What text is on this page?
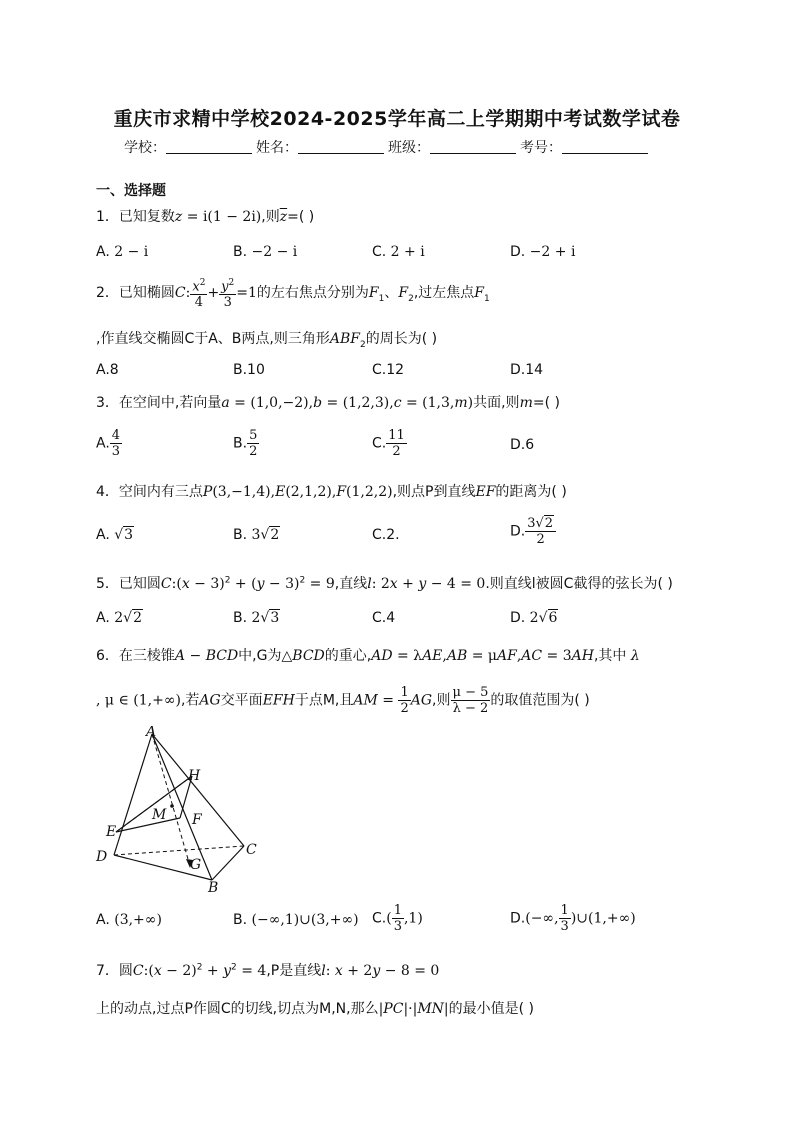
重庆市求精中学校2024-2025学年高二上学期期中考试数学试卷
学校：	姓名：	班级：	考号：
一、选择题
1．已知复数z = i(1 − 2i),则$\overline{z}=$( )
A. 2 − i	B. −2 − i	C. 2 + i	D. −2 + i
2．已知椭圆C: $\frac{x^2}{4} + \frac{y^2}{3} =1$的左右焦点分别为$F_1$、$F_2$,过左焦点$F_1$
,作直线交椭圆C于A、B两点,则三角形$ABF_2$的周长为( )
A.8	B.10	C.12	D.14
3．在空间中,若向量a = (1,0,−2),b = (1,2,3),c = (1,3,m)共面,则m=( )
A. $\frac{4}{3}$	B. $\frac{5}{2}$	C. $\frac{11}{2}$	D.6
4．空间内有三点P(3,−1,4),E(2,1,2),F(1,2,2),则点P到直线EF的距离为( )
A. √3	B. 3√2	C.2.	D. $\frac{3√2}{2}$
5．已知圆C:(x − $3)^2 + (y - 3)^2 = 9$,直线l: 2x + y − 4 = 0.则直线l被圆C截得的弦长为( )
A. 2√2	B. 2√3	C.4	D. 2√6
6．在三棱锥A − BCD中,G为△BCD的重心,AD = λAE,AB = μAF,AC = 3AH,其中 λ
, μ ∈ (1,+∞),若AG交平面EFH于点M,且AM = $\frac{1}{2}$ AG,则 $\frac{\mu - 5}{\lambda - 2}$ 的取值范围为( )
A
H
M F
E
D	G
C
B
A. (3,+∞)	B. (−∞,1)∪(3,+∞) $C.( \frac{1}{3} ,1)$	D.(−∞, $\frac{1}{3}$ )∪(1,+∞)
7．圆C:(x − $2)^2 + y^2 = 4,P$是直线l: x + 2y − 8 = 0
上的动点,过点P作圆C的切线,切点为M,N,那么|PC|·|MN|的最小值是( )
